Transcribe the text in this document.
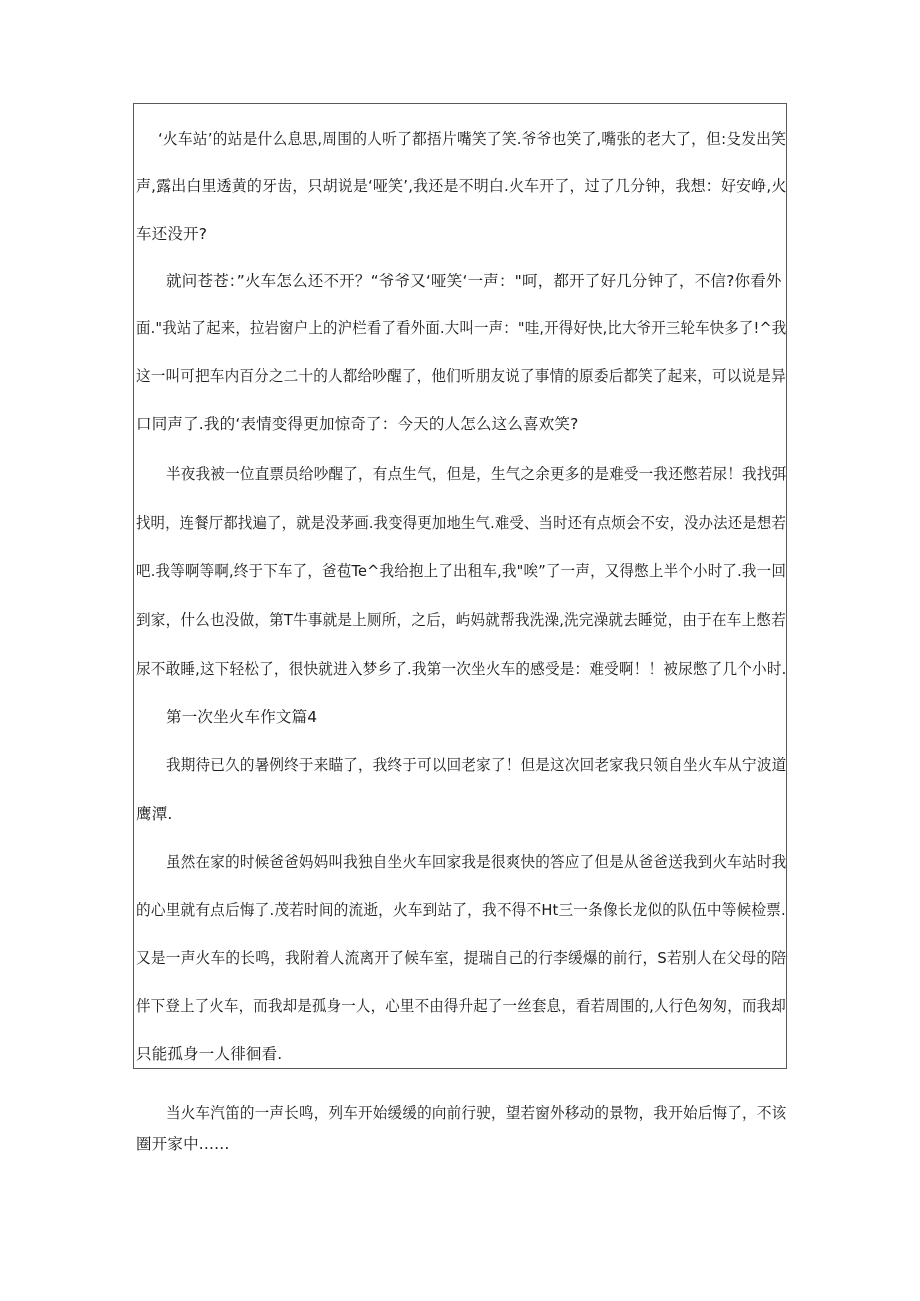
‘火车站’的站是什么息思,周围的人听了都捂片嘴笑了笑.爷爷也笑了,嘴张的老大了，但:殳发出笑
声,露出白里透黄的牙齿，只胡说是‘哑笑’,我还是不明白.火车开了，过了几分钟，我想：好安峥,火
车还没开?
就问苍苍：”火车怎么还不开？“爷爷又‘哑笑‘一声："呵，都开了好几分钟了，不信?你看外
面."我站了起来，拉岩窗户上的沪栏看了看外面.大叫一声："哇,开得好快,比大爷开三轮车快多了!^我
这一叫可把车内百分之二十的人都给吵醒了，他们听朋友说了事情的原委后都笑了起来，可以说是异
口同声了.我的‘表情变得更加惊奇了：今天的人怎么这么喜欢笑?
半夜我被一位直票员给吵醒了，有点生气，但是，生气之余更多的是难受一我还憋若尿！我找弭
找明，连餐厅都找遍了，就是没茅画.我变得更加地生气.难受、当时还有点烦会不安，没办法还是想若
吧.我等啊等啊,终于下车了，爸苞Te^我给抱上了出租车,我"唉”了一声，又得憋上半个小时了.我一回
到家，什么也没做，第T牛事就是上厕所，之后，屿妈就帮我洗澡,洗完澡就去睡觉，由于在车上憋若
尿不敢睡,这下轻松了，很快就进入梦乡了.我第一次坐火车的感受是：难受啊！！被尿憋了几个小时.
第一次坐火车作文篇4
我期待已久的暑例终于来瞄了，我终于可以回老家了！但是这次回老家我只领自坐火车从宁波道
鹰潭.
虽然在家的时候爸爸妈妈叫我独自坐火车回家我是很爽快的答应了但是从爸爸送我到火车站时我
的心里就有点后悔了.茂若时间的流逝，火车到站了，我不得不Ht三一条像长龙似的队伍中等候检票.
又是一声火车的长鸣，我附着人流离开了候车室，提瑞自己的行李缓爆的前行，S若别人在父母的陪
伴下登上了火车，而我却是孤身一人，心里不由得升起了一丝套息，看若周围的,人行色匆匆，而我却
只能孤身一人徘徊看.
当火车汽笛的一声长鸣，列车开始缓缓的向前行驶，望若窗外移动的景物，我开始后悔了，不该
圈开家中......
